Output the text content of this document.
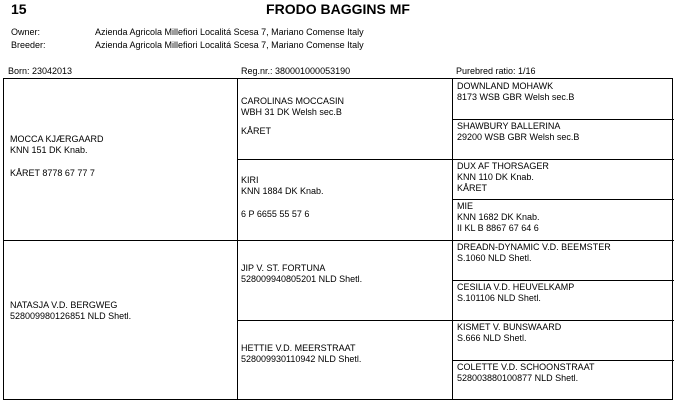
15	FRODO BAGGINS MF
Owner:	Azienda Agricola Millefiori Localitá Scesa 7, Mariano Comense Italy
Breeder:	Azienda Agricola Millefiori Localitá Scesa 7, Mariano Comense Italy
Born: 23042013	Reg.nr.: 380001000053190	Purebred ratio: 1/16
MOCCA KJÆRGAARD
KNN 151 DK Knab.
KÅRET 8778 67 77 7
NATASJA V.D. BERGWEG
528009980126851 NLD Shetl.
CAROLINAS MOCCASIN
WBH 31 DK Welsh sec.B
KÅRET
KIRI
KNN 1884 DK Knab.
6 P 6655 55 57 6
JIP V. ST. FORTUNA
528009940805201 NLD Shetl.
HETTIE V.D. MEERSTRAAT
528009930110942 NLD Shetl.
DOWNLAND MOHAWK
8173 WSB GBR Welsh sec.B
SHAWBURY BALLERINA
29200 WSB GBR Welsh sec.B
DUX AF THORSAGER
KNN 110 DK Knab.
KÅRET
MIE
KNN 1682 DK Knab.
II KL B 8867 67 64 6
DREADN-DYNAMIC V.D. BEEMSTER
S.1060 NLD Shetl.
CESILIA V.D. HEUVELKAMP
S.101106 NLD Shetl.
KISMET V. BUNSWAARD
S.666 NLD Shetl.
COLETTE V.D. SCHOONSTRAAT
528003880100877 NLD Shetl.
